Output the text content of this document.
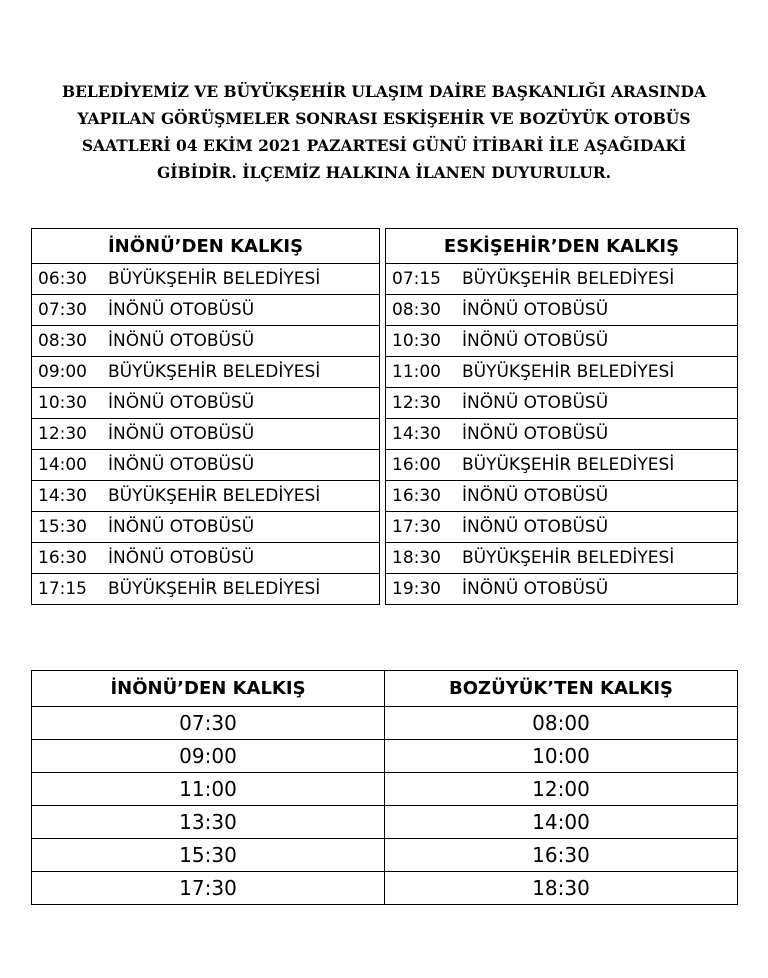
BELEDİYEMİZ VE BÜYÜKŞEHİR ULAŞIM DAİRE BAŞKANLIĞI ARASINDA
YAPILAN GÖRÜŞMELER SONRASI ESKİŞEHİR VE BOZÜYÜK OTOBÜS
SAATLERİ 04 EKİM 2021 PAZARTESİ GÜNÜ İTİBARİ İLE AŞAĞIDAKİ
GİBİDİR. İLÇEMİZ HALKINA İLANEN DUYURULUR.
İNÖNÜ’DEN KALKIŞ		ESKİŞEHİR’DEN KALKIŞ

06:30 BÜYÜKŞEHİR BELEDİYESİ		07:15 BÜYÜKŞEHİR BELEDİYESİ

07:30 İNÖNÜ OTOBÜSÜ		08:30 İNÖNÜ OTOBÜSÜ

08:30 İNÖNÜ OTOBÜSÜ		10:30 İNÖNÜ OTOBÜSÜ

09:00 BÜYÜKŞEHİR BELEDİYESİ		11:00 BÜYÜKŞEHİR BELEDİYESİ

10:30 İNÖNÜ OTOBÜSÜ		12:30 İNÖNÜ OTOBÜSÜ

12:30 İNÖNÜ OTOBÜSÜ		14:30 İNÖNÜ OTOBÜSÜ

14:00 İNÖNÜ OTOBÜSÜ		16:00 BÜYÜKŞEHİR BELEDİYESİ

14:30 BÜYÜKŞEHİR BELEDİYESİ		16:30 İNÖNÜ OTOBÜSÜ

15:30 İNÖNÜ OTOBÜSÜ		17:30 İNÖNÜ OTOBÜSÜ

16:30 İNÖNÜ OTOBÜSÜ		18:30 BÜYÜKŞEHİR BELEDİYESİ

17:15 BÜYÜKŞEHİR BELEDİYESİ		19:30 İNÖNÜ OTOBÜSÜ
İNÖNÜ’DEN KALKIŞ	BOZÜYÜK’TEN KALKIŞ
07:30	08:00
09:00	10:00
11:00	12:00
13:30	14:00
15:30	16:30
17:30	18:30
